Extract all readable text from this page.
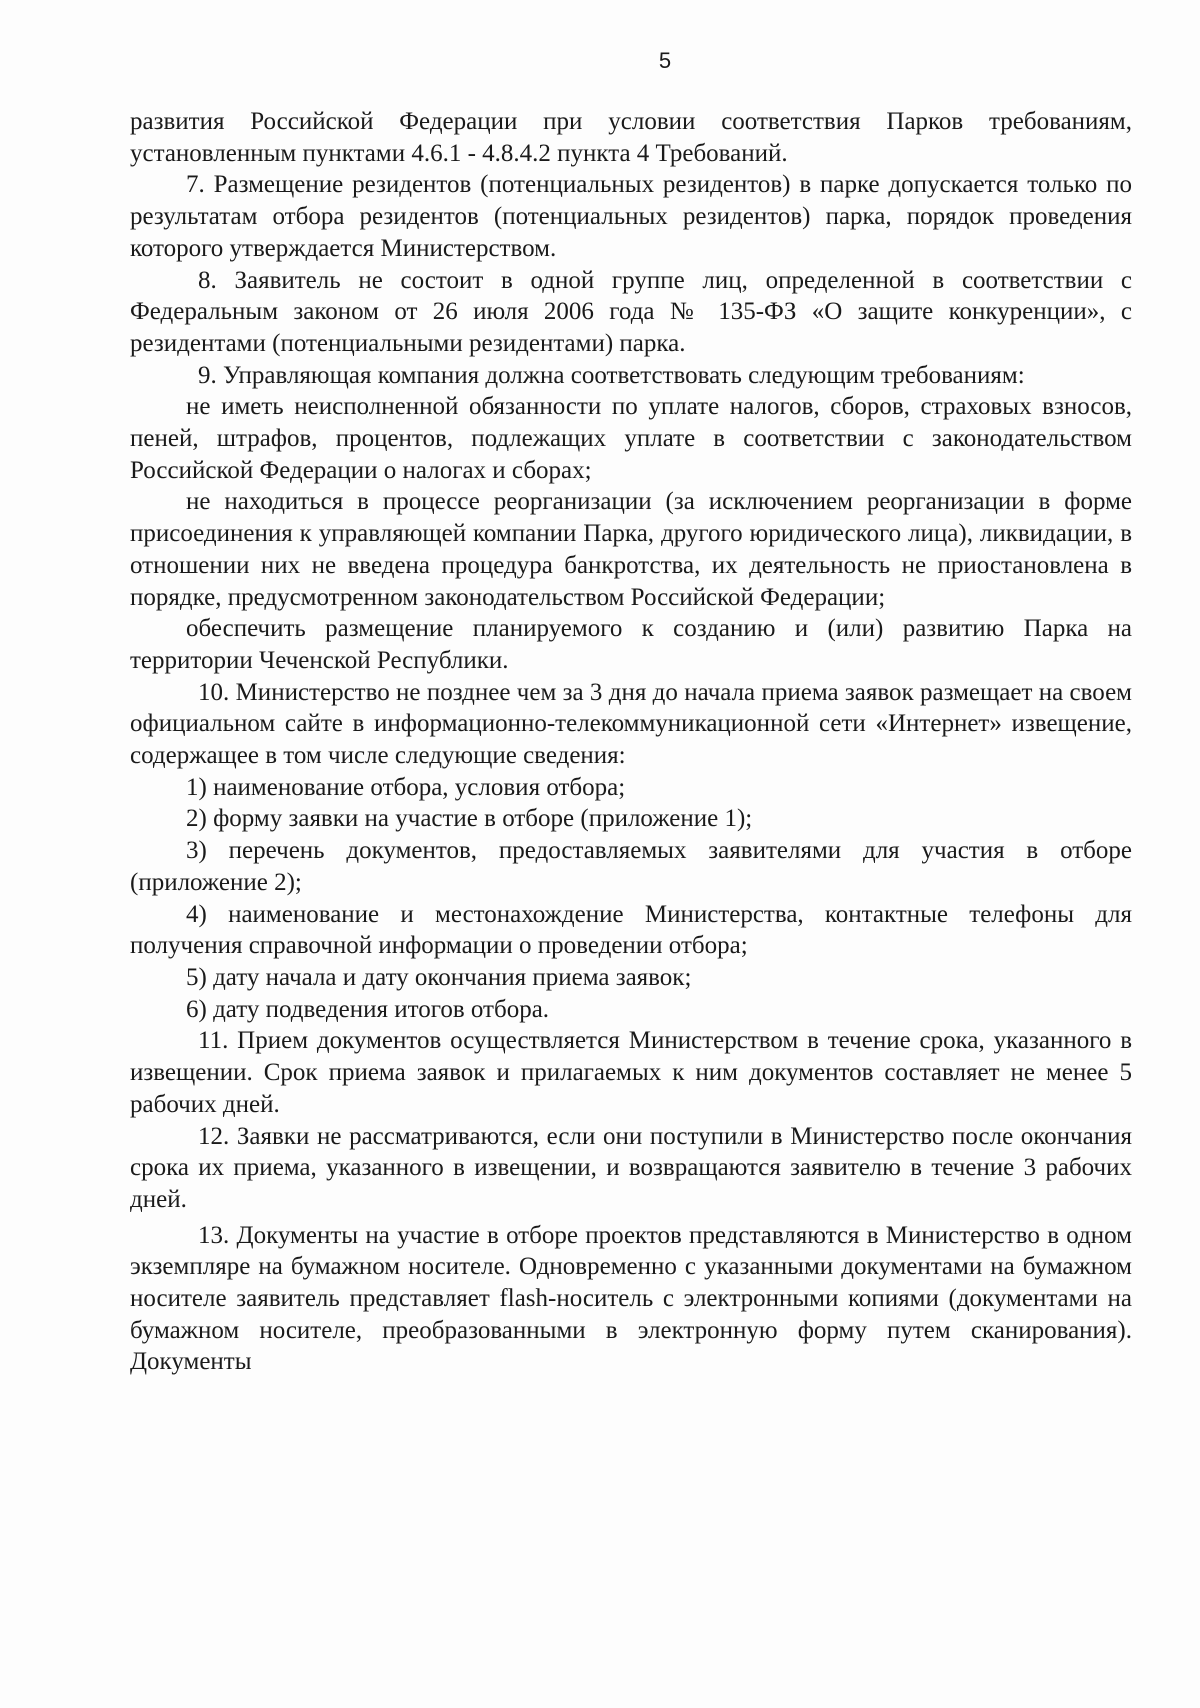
5

развития Российской Федерации при условии соответствия Парков требованиям, установленным пунктами 4.6.1 - 4.8.4.2 пункта 4 Требований.

7. Размещение резидентов (потенциальных резидентов) в парке допускается только по результатам отбора резидентов (потенциальных резидентов) парка, порядок проведения которого утверждается Министерством.

8. Заявитель не состоит в одной группе лиц, определенной в соответствии с Федеральным законом от 26 июля 2006 года № 135-ФЗ «О защите конкуренции», с резидентами (потенциальными резидентами) парка.

9. Управляющая компания должна соответствовать следующим требованиям:

не иметь неисполненной обязанности по уплате налогов, сборов, страховых взносов, пеней, штрафов, процентов, подлежащих уплате в соответствии с законодательством Российской Федерации о налогах и сборах;

не находиться в процессе реорганизации (за исключением реорганизации в форме присоединения к управляющей компании Парка, другого юридического лица), ликвидации, в отношении них не введена процедура банкротства, их деятельность не приостановлена в порядке, предусмотренном законодательством Российской Федерации;

обеспечить размещение планируемого к созданию и (или) развитию Парка на территории Чеченской Республики.

10. Министерство не позднее чем за 3 дня до начала приема заявок размещает на своем официальном сайте в информационно-телекоммуникационной сети «Интернет» извещение, содержащее в том числе следующие сведения:

1) наименование отбора, условия отбора;

2) форму заявки на участие в отборе (приложение 1);

3) перечень документов, предоставляемых заявителями для участия в отборе (приложение 2);

4) наименование и местонахождение Министерства, контактные телефоны для получения справочной информации о проведении отбора;

5) дату начала и дату окончания приема заявок;

6) дату подведения итогов отбора.

11. Прием документов осуществляется Министерством в течение срока, указанного в извещении. Срок приема заявок и прилагаемых к ним документов составляет не менее 5 рабочих дней.

12. Заявки не рассматриваются, если они поступили в Министерство после окончания срока их приема, указанного в извещении, и возвращаются заявителю в течение 3 рабочих дней.

13. Документы на участие в отборе проектов представляются в Министерство в одном экземпляре на бумажном носителе. Одновременно с указанными документами на бумажном носителе заявитель представляет flash-носитель с электронными копиями (документами на бумажном носителе, преобразованными в электронную форму путем сканирования). Документы
